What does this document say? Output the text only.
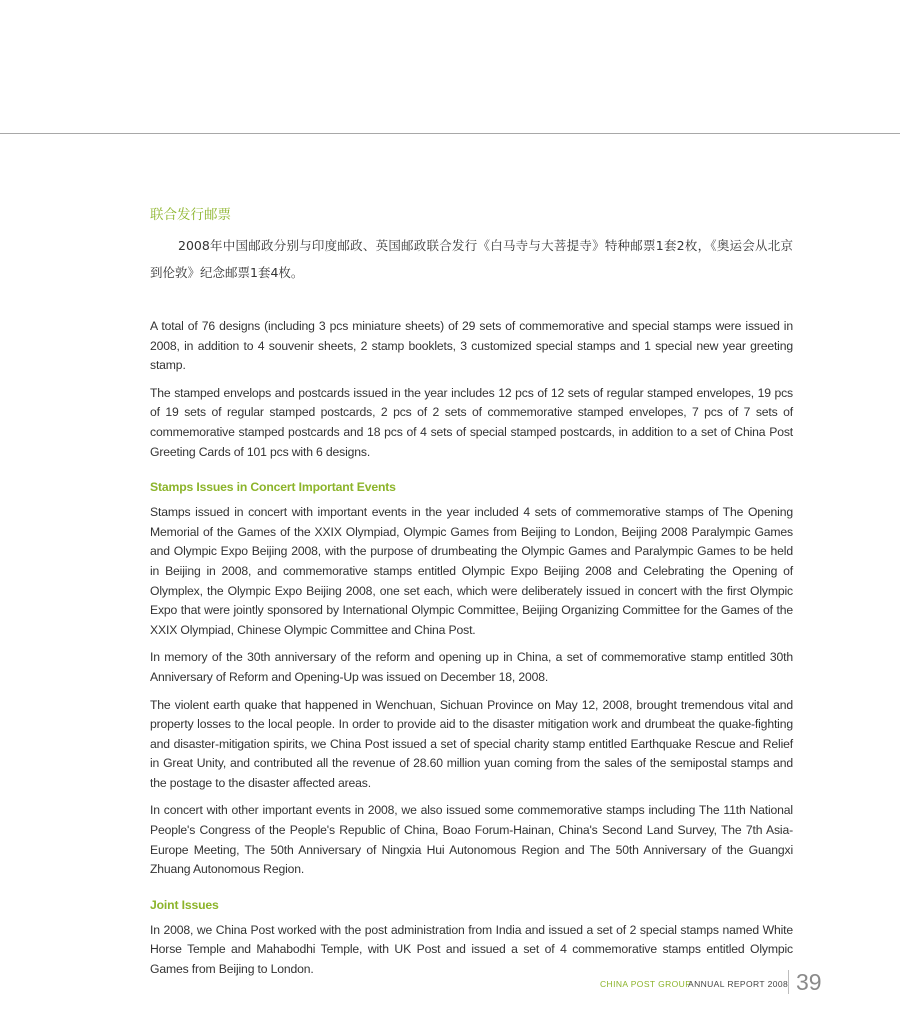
联合发行邮票

2008年中国邮政分别与印度邮政、英国邮政联合发行《白马寺与大菩提寺》特种邮票1套2枚，《奥运会从北京到伦敦》纪念邮票1套4枚。

A total of 76 designs (including 3 pcs miniature sheets) of 29 sets of commemorative and special stamps were issued in 2008, in addition to 4 souvenir sheets, 2 stamp booklets, 3 customized special stamps and 1 special new year greeting stamp.

The stamped envelops and postcards issued in the year includes 12 pcs of 12 sets of regular stamped envelopes, 19 pcs of 19 sets of regular stamped postcards, 2 pcs of 2 sets of commemorative stamped envelopes, 7 pcs of 7 sets of commemorative stamped postcards and 18 pcs of 4 sets of special stamped postcards, in addition to a set of China Post Greeting Cards of 101 pcs with 6 designs.

Stamps Issues in Concert Important Events

Stamps issued in concert with important events in the year included 4 sets of commemorative stamps of The Opening Memorial of the Games of the XXIX Olympiad, Olympic Games from Beijing to London, Beijing 2008 Paralympic Games and Olympic Expo Beijing 2008, with the purpose of drumbeating the Olympic Games and Paralympic Games to be held in Beijing in 2008, and commemorative stamps entitled Olympic Expo Beijing 2008 and Celebrating the Opening of Olymplex, the Olympic Expo Beijing 2008, one set each, which were deliberately issued in concert with the first Olympic Expo that were jointly sponsored by International Olympic Committee, Beijing Organizing Committee for the Games of the XXIX Olympiad, Chinese Olympic Committee and China Post.

In memory of the 30th anniversary of the reform and opening up in China, a set of commemorative stamp entitled 30th Anniversary of Reform and Opening-Up was issued on December 18, 2008.

The violent earth quake that happened in Wenchuan, Sichuan Province on May 12, 2008, brought tremendous vital and property losses to the local people. In order to provide aid to the disaster mitigation work and drumbeat the quake-fighting and disaster-mitigation spirits, we China Post issued a set of special charity stamp entitled Earthquake Rescue and Relief in Great Unity, and contributed all the revenue of 28.60 million yuan coming from the sales of the semipostal stamps and the postage to the disaster affected areas.

In concert with other important events in 2008, we also issued some commemorative stamps including The 11th National People's Congress of the People's Republic of China, Boao Forum-Hainan, China's Second Land Survey, The 7th Asia-Europe Meeting, The 50th Anniversary of Ningxia Hui Autonomous Region and The 50th Anniversary of the Guangxi Zhuang Autonomous Region.

Joint Issues

In 2008, we China Post worked with the post administration from India and issued a set of 2 special stamps named White Horse Temple and Mahabodhi Temple, with UK Post and issued a set of 4 commemorative stamps entitled Olympic Games from Beijing to London.

CHINA POST GROUP
ANNUAL REPORT 2008 39
